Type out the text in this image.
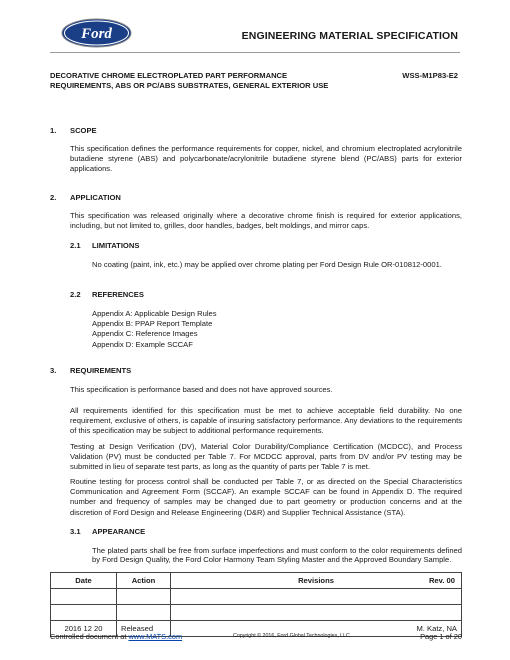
Ford	ENGINEERING MATERIAL SPECIFICATION
DECORATIVE CHROME ELECTROPLATED PART PERFORMANCE REQUIREMENTS, ABS OR PC/ABS SUBSTRATES, GENERAL EXTERIOR USE
WSS-M1P83-E2
1. SCOPE
This specification defines the performance requirements for copper, nickel, and chromium electroplated acrylonitrile butadiene styrene (ABS) and polycarbonate/acrylonitrile butadiene styrene blend (PC/ABS) parts for exterior applications.
2. APPLICATION
This specification was released originally where a decorative chrome finish is required for exterior applications, including, but not limited to, grilles, door handles, badges, belt moldings, and mirror caps.
2.1 LIMITATIONS
No coating (paint, ink, etc.) may be applied over chrome plating per Ford Design Rule OR-010812-0001.
2.2 REFERENCES
Appendix A: Applicable Design Rules
Appendix B: PPAP Report Template
Appendix C: Reference Images
Appendix D: Example SCCAF
3. REQUIREMENTS
This specification is performance based and does not have approved sources.
All requirements identified for this specification must be met to achieve acceptable field durability. No one requirement, exclusive of others, is capable of insuring satisfactory performance. Any deviations to the requirements of this specification may be subject to additional performance requirements.
Testing at Design Verification (DV), Material Color Durability/Compliance Certification (MCDCC), and Process Validation (PV) must be conducted per Table 7. For MCDCC approval, parts from DV and/or PV testing may be submitted in lieu of separate test parts, as long as the quantity of parts per Table 7 is met.
Routine testing for process control shall be conducted per Table 7, or as directed on the Special Characteristics Communication and Agreement Form (SCCAF). An example SCCAF can be found in Appendix D. The required number and frequency of samples may be changed due to part geometry or production concerns and at the discretion of Ford Design and Release Engineering (D&R) and Supplier Technical Assistance (STA).
3.1 APPEARANCE
The plated parts shall be free from surface imperfections and must conform to the color requirements defined by Ford Design Quality, the Ford Color Harmony Team Styling Master and the Approved Boundary Sample.
Date	Action	Revisions Rev. 00

2016 12 20	Released	M. Katz, NA
Controlled document at www.MATS.com	Copyright © 2016, Ford Global Technologies, LLC	Page 1 of 20
